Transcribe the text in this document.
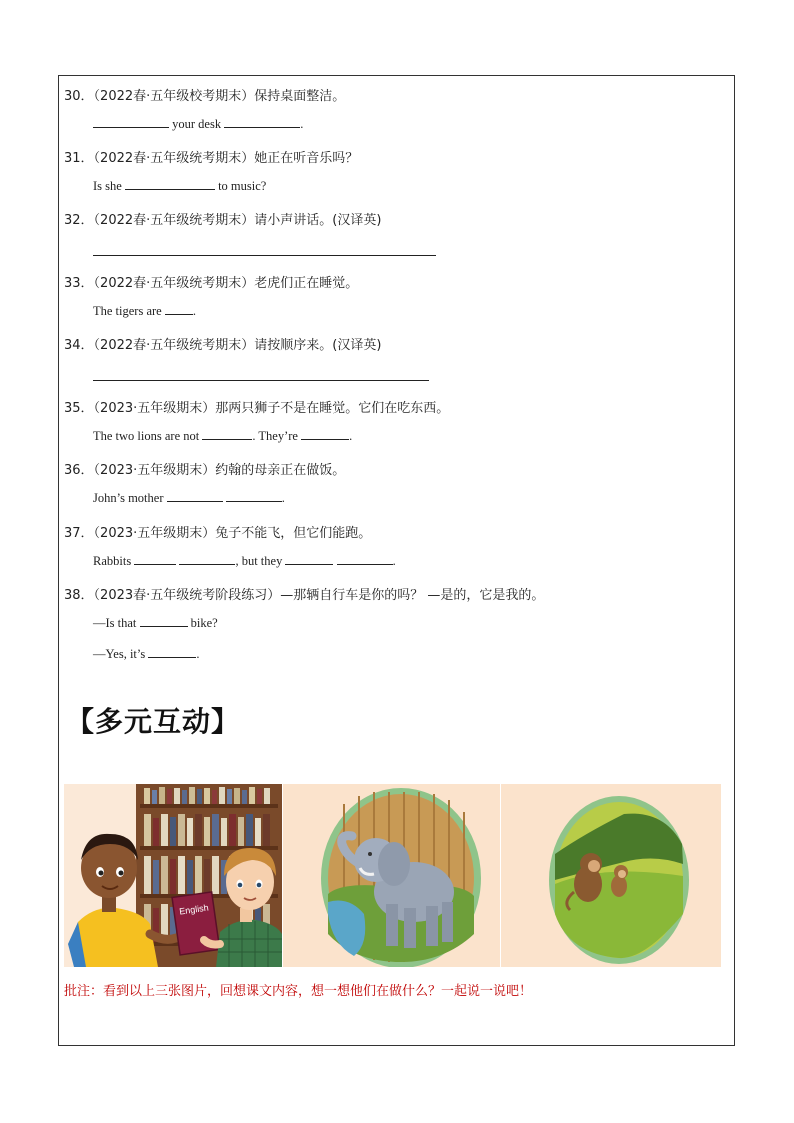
30．（2022春·五年级校考期末）保持桌面整洁。
your desk	.
31．（2022春·五年级统考期末）她正在听音乐吗？
Is she	to music?
32．（2022春·五年级统考期末）请小声讲话。(汉译英)
33．（2022春·五年级统考期末）老虎们正在睡觉。
The tigers are .
34．（2022春·五年级统考期末）请按顺序来。(汉译英)
35．（2023·五年级期末）那两只狮子不是在睡觉。它们在吃东西。
The two lions are not	. They’re	.
36．（2023·五年级期末）约翰的母亲正在做饭。
John’s mother	.
37．（2023·五年级期末）兔子不能飞，但它们能跑。
Rabbits	, but they	.
38．（2023春·五年级统考阶段练习）—那辆自行车是你的吗？ —是的，它是我的。
—Is that	bike?
—Yes, it’s	.
【多元互动】
English
批注：看到以上三张图片，回想课文内容，想一想他们在做什么？一起说一说吧！
